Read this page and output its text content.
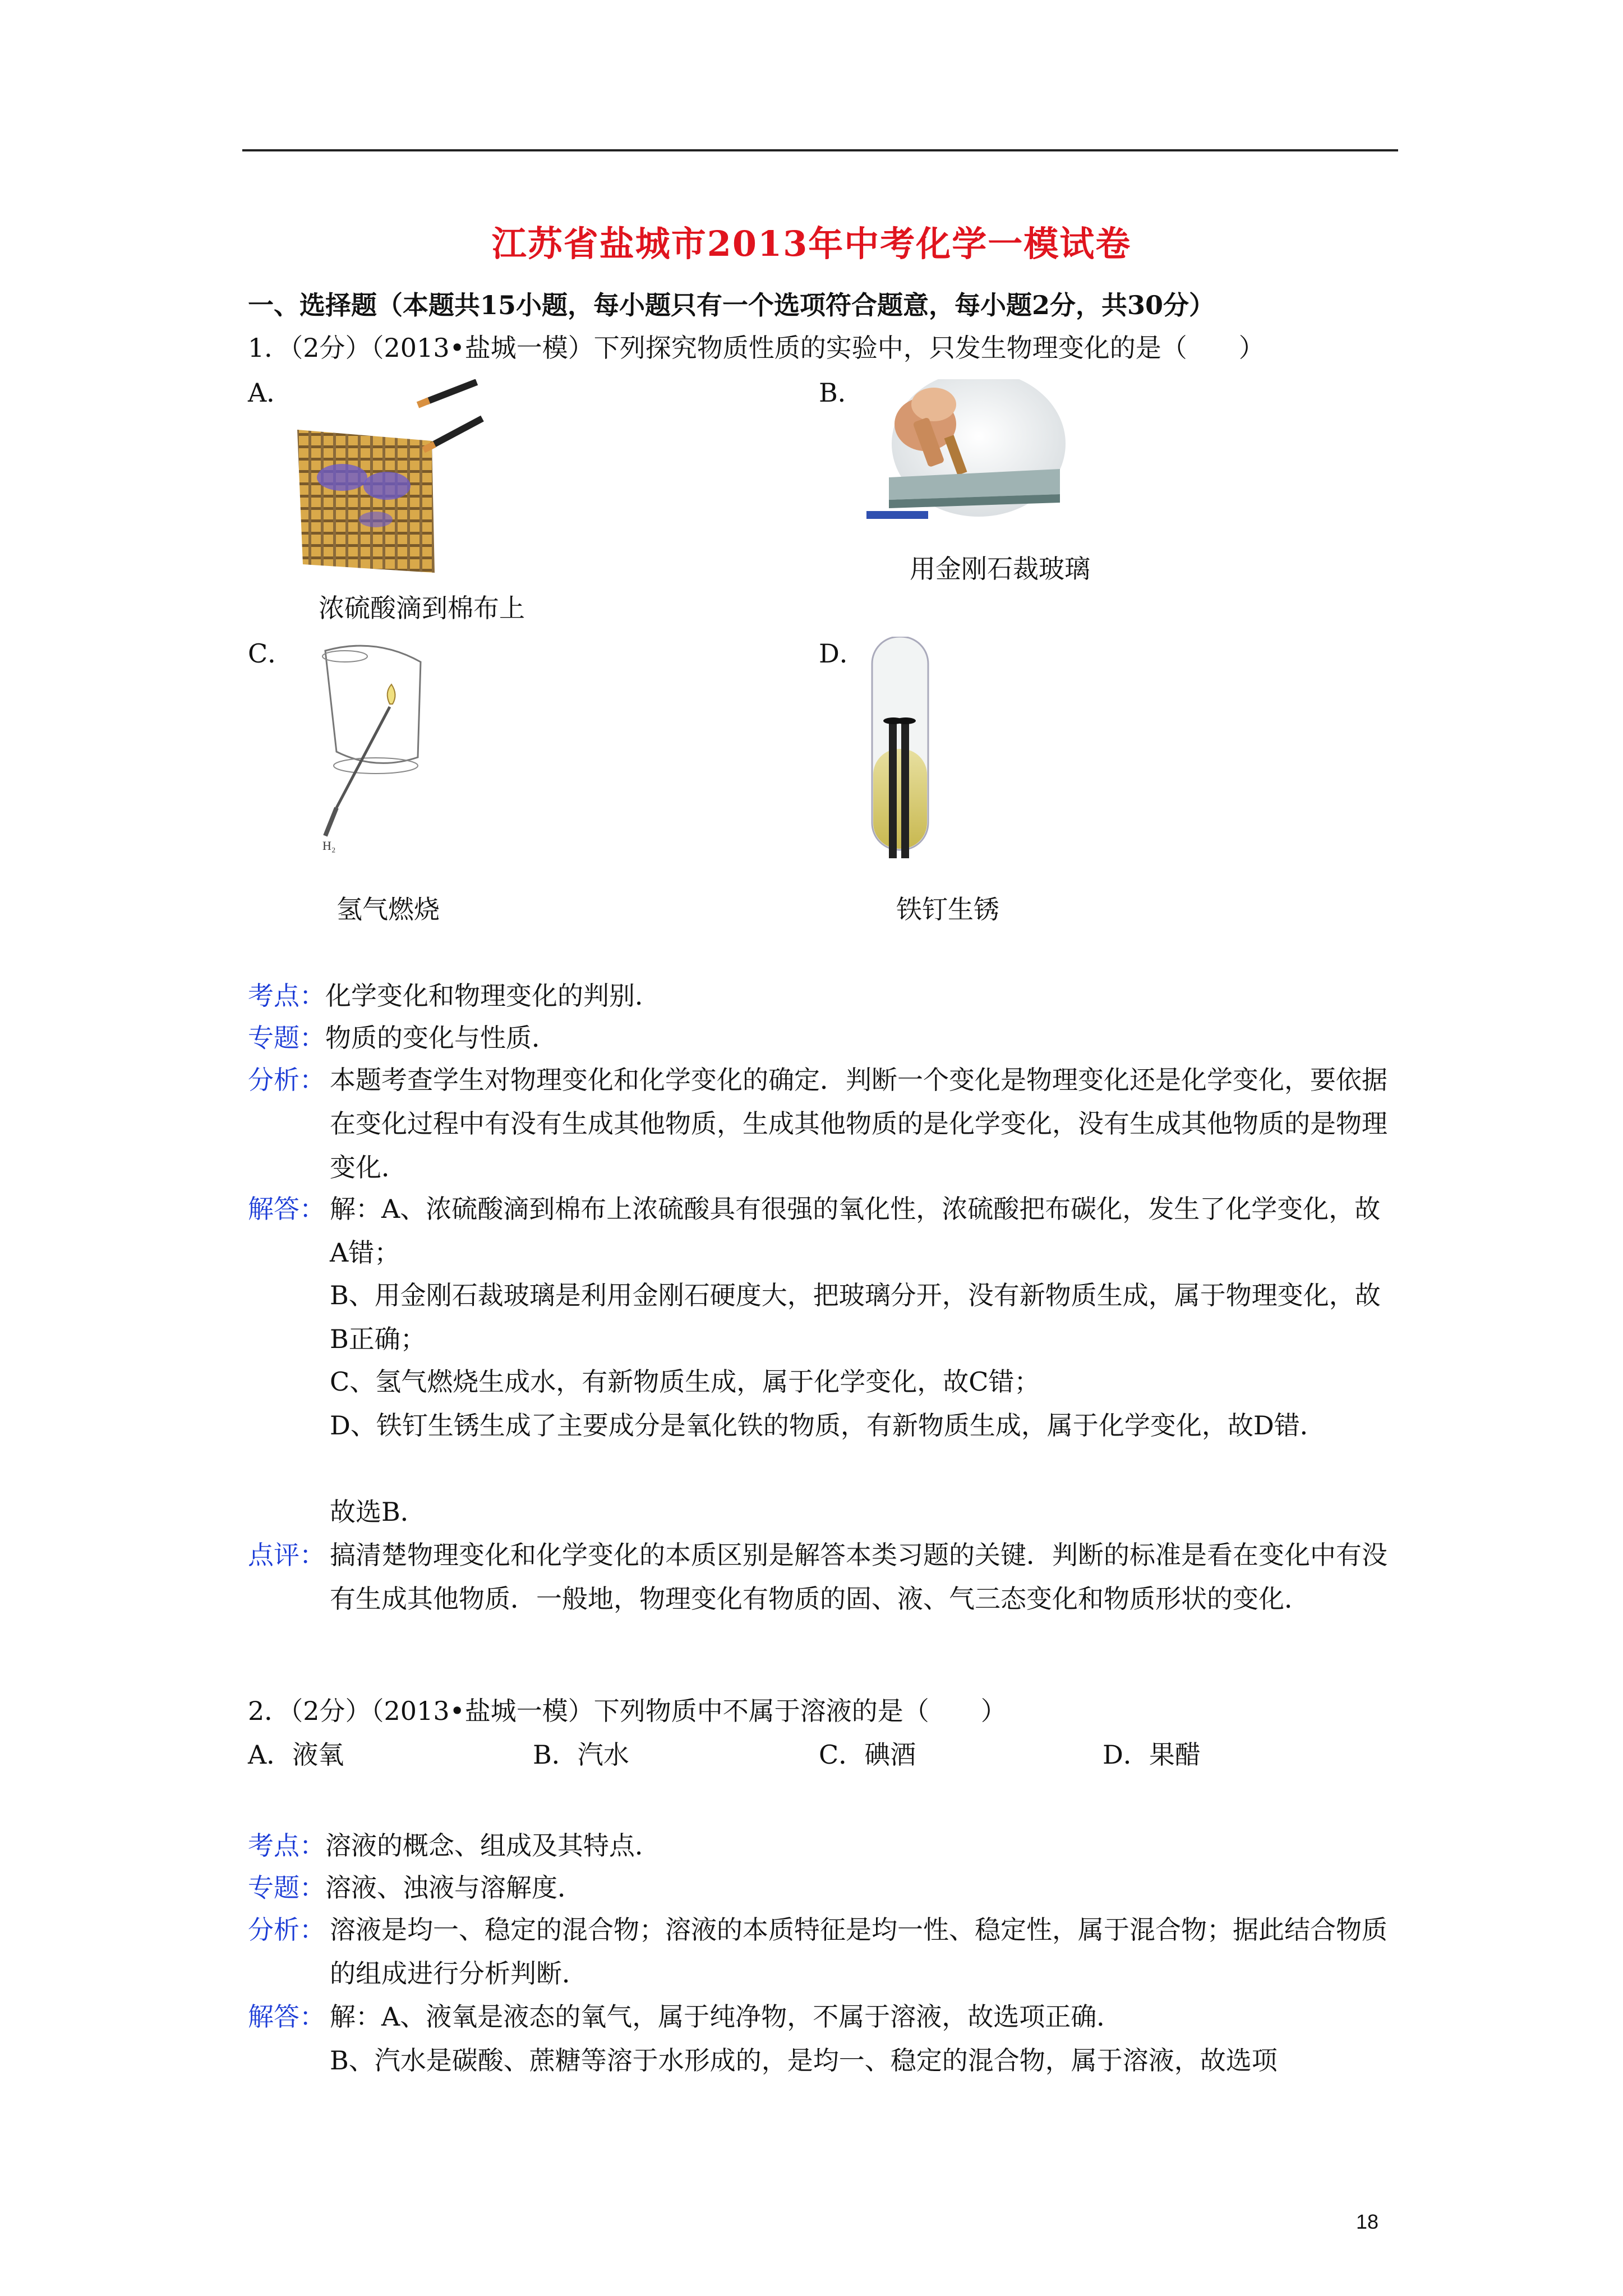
江苏省盐城市2013年中考化学一模试卷
一、选择题（本题共15小题，每小题只有一个选项符合题意，每小题2分，共30分）
1．（2分）（2013•盐城一模）下列探究物质性质的实验中，只发生物理变化的是（　　）
A．	B．
浓硫酸滴到棉布上
用金刚石裁玻璃
C．	D．
H₂
氢气燃烧	铁钉生锈
考点：化学变化和物理变化的判别．
专题：物质的变化与性质．
分析： 本题考查学生对物理变化和化学变化的确定．判断一个变化是物理变化还是化学变化，要依据在变化过程中有没有生成其他物质，生成其他物质的是化学变化，没有生成其他物质的是物理变化．
解答： 解：A、浓硫酸滴到棉布上浓硫酸具有很强的氧化性，浓硫酸把布碳化，发生了化学变化，故A错；
B、用金刚石裁玻璃是利用金刚石硬度大，把玻璃分开，没有新物质生成，属于物理变化，故B正确；
C、氢气燃烧生成水，有新物质生成，属于化学变化，故C错；
D、铁钉生锈生成了主要成分是氧化铁的物质，有新物质生成，属于化学变化，故D错．
故选B．
点评： 搞清楚物理变化和化学变化的本质区别是解答本类习题的关键．判断的标准是看在变化中有没有生成其他物质．一般地，物理变化有物质的固、液、气三态变化和物质形状的变化．
2．（2分）（2013•盐城一模）下列物质中不属于溶液的是（　　）
A．液氧	B．汽水	C．碘酒	D．果醋
考点：溶液的概念、组成及其特点．
专题：溶液、浊液与溶解度．
分析： 溶液是均一、稳定的混合物；溶液的本质特征是均一性、稳定性，属于混合物；据此结合物质的组成进行分析判断．
解答： 解：A、液氧是液态的氧气，属于纯净物，不属于溶液，故选项正确．
B、汽水是碳酸、蔗糖等溶于水形成的，是均一、稳定的混合物，属于溶液，故选项
18
